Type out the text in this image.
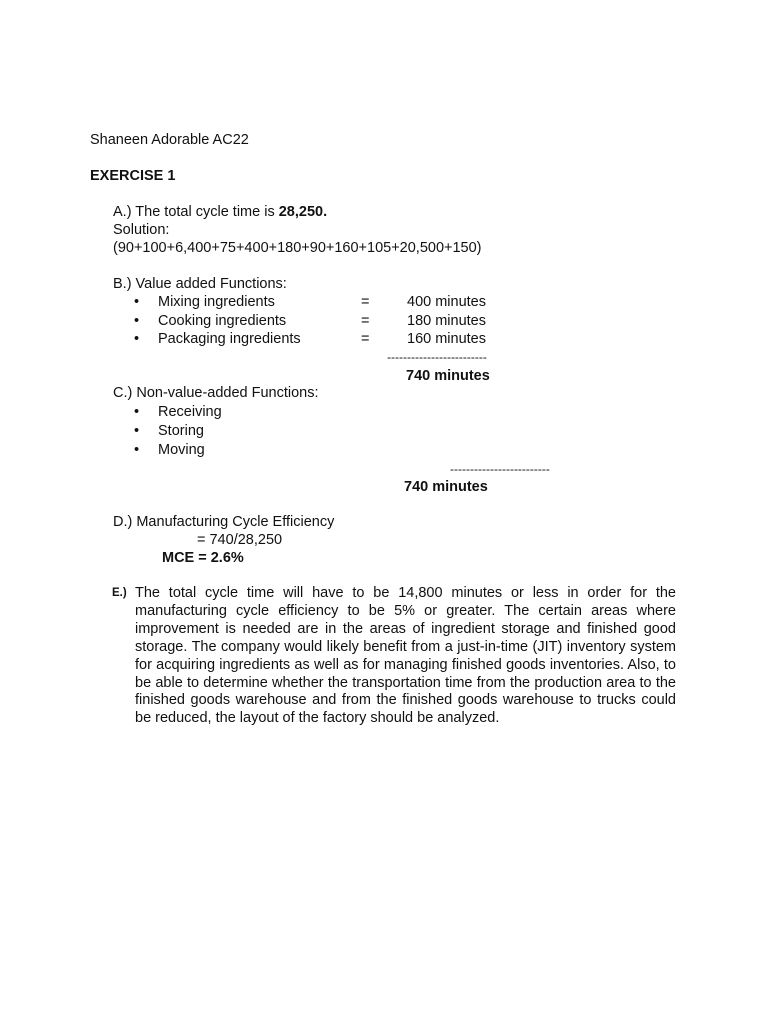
Shaneen Adorable AC22
EXERCISE 1
A.) The total cycle time is 28,250.
Solution:
(90+100+6,400+75+400+180+90+160+105+20,500+150)
B.) Value added Functions:
• Mixing ingredients	=	400 minutes
• Cooking ingredients	=	180 minutes
• Packaging ingredients	=	160 minutes
-------------------------
740 minutes
C.) Non-value-added Functions:
• Receiving
• Storing
• Moving
-------------------------
740 minutes
D.) Manufacturing Cycle Efficiency
= 740/28,250
MCE = 2.6%
E.) The total cycle time will have to be 14,800 minutes or less in order for the manufacturing cycle efficiency to be 5% or greater. The certain areas where improvement is needed are in the areas of ingredient storage and finished good storage. The company would likely benefit from a just-in-time (JIT) inventory system for acquiring ingredients as well as for managing finished goods inventories. Also, to be able to determine whether the transportation time from the production area to the finished goods warehouse and from the finished goods warehouse to trucks could be reduced, the layout of the factory should be analyzed.
